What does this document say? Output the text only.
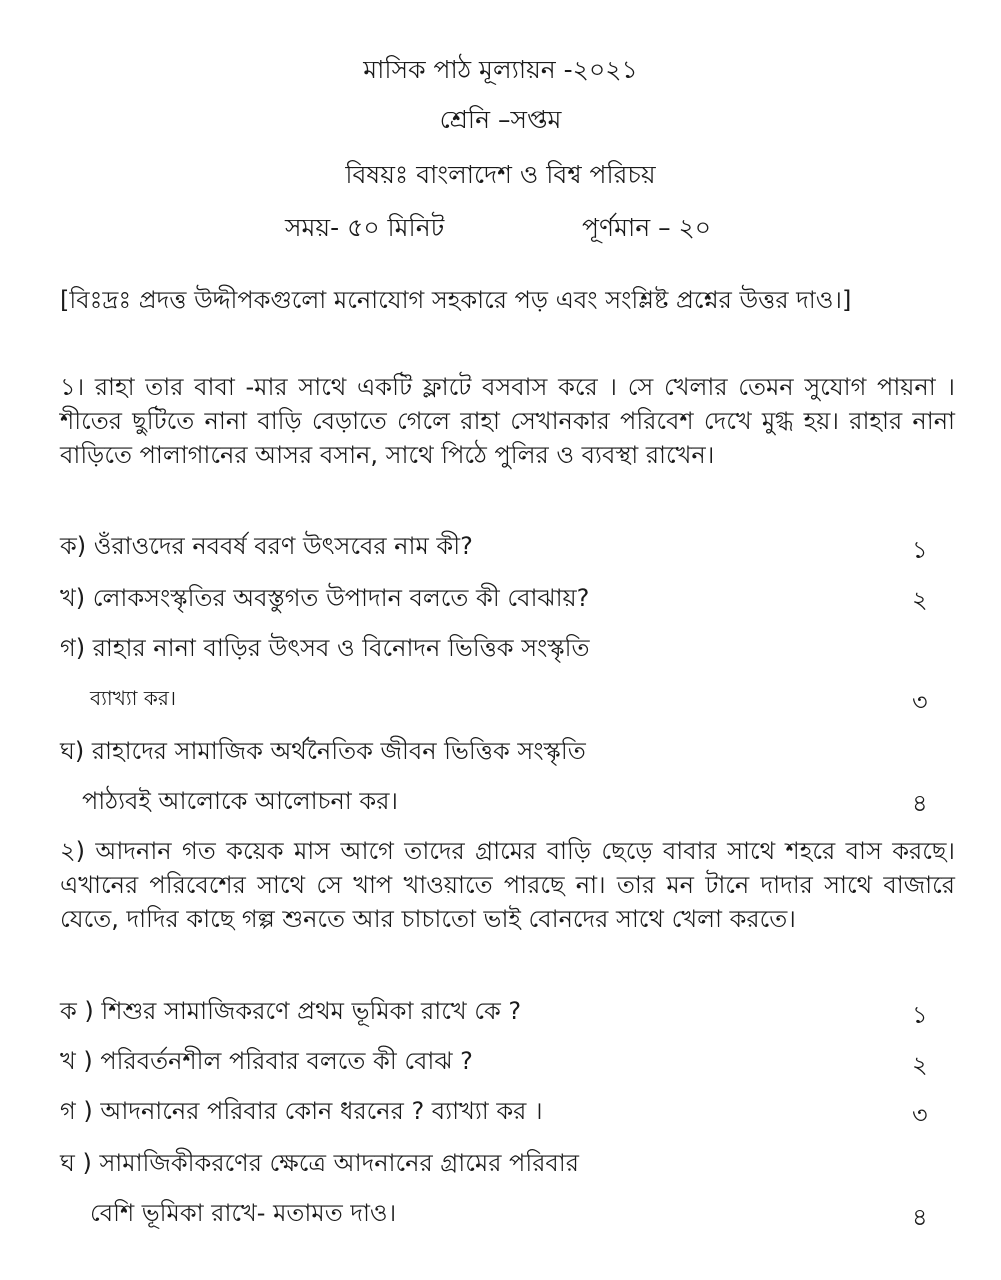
মাসিক পাঠ মূল্যায়ন -২০২১
শ্রেনি –সপ্তম
বিষয়ঃ বাংলাদেশ ও বিশ্ব পরিচয়
সময়- ৫০ মিনিট	পূর্ণমান – ২০
[বিঃদ্রঃ প্রদত্ত উদ্দীপকগুলো মনোযোগ সহকারে পড় এবং সংশ্লিষ্ট প্রশ্নের উত্তর দাও।]
১। রাহা তার বাবা -মার সাথে একটি ফ্লাটে বসবাস করে । সে খেলার তেমন সুযোগ পায়না । শীতের ছুটিতে নানা বাড়ি বেড়াতে গেলে রাহা সেখানকার পরিবেশ দেখে মুগ্ধ হয়। রাহার নানা বাড়িতে পালাগানের আসর বসান, সাথে পিঠে পুলির ও ব্যবস্থা রাখেন।
ক) ওঁরাওদের নববর্ষ বরণ উৎসবের নাম কী?	১
খ) লোকসংস্কৃতির অবস্তুগত উপাদান বলতে কী বোঝায়?	২
গ) রাহার নানা বাড়ির উৎসব ও বিনোদন ভিত্তিক সংস্কৃতি
ব্যাখ্যা কর।	৩
ঘ) রাহাদের সামাজিক অর্থনৈতিক জীবন ভিত্তিক সংস্কৃতি
পাঠ্যবই আলোকে আলোচনা কর।	৪
২) আদনান গত কয়েক মাস আগে তাদের গ্রামের বাড়ি ছেড়ে বাবার সাথে শহরে বাস করছে। এখানের পরিবেশের সাথে সে খাপ খাওয়াতে পারছে না। তার মন টানে দাদার সাথে বাজারে যেতে, দাদির কাছে গল্প শুনতে আর চাচাতো ভাই বোনদের সাথে খেলা করতে।
ক ) শিশুর সামাজিকরণে প্রথম ভূমিকা রাখে কে ?	১
খ ) পরিবর্তনশীল পরিবার বলতে কী বোঝ ?	২
গ ) আদনানের পরিবার কোন ধরনের ? ব্যাখ্যা কর ।	৩
ঘ ) সামাজিকীকরণের ক্ষেত্রে আদনানের গ্রামের পরিবার
বেশি ভূমিকা রাখে- মতামত দাও।	৪
